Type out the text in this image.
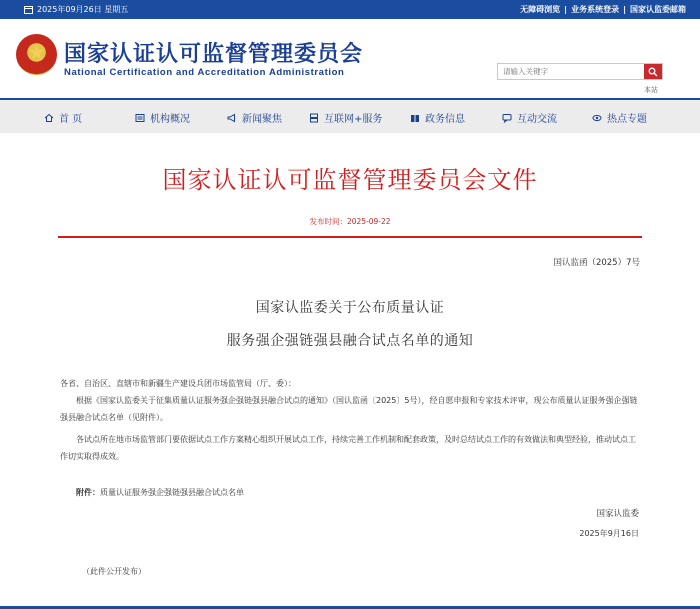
2025年09月26日 星期五	无障碍浏览 | 业务系统登录 | 国家认监委邮箱
国家认证认可监督管理委员会
National Certification and Accreditation Administration
请输入关键字
本站
首 页	机构概况	新闻聚焦	互联网+服务	政务信息	互动交流	热点专题
国家认证认可监督管理委员会文件
发布时间：2025-09-22
国认监函（2025）7号
国家认监委关于公布质量认证
服务强企强链强县融合试点名单的通知
各省、自治区、直辖市和新疆生产建设兵团市场监管局（厅、委）：
根据《国家认监委关于征集质量认证服务强企强链强县融合试点的通知》（国认监函〔2025〕5号），经自愿申报和专家技术评审，现公布质量认证服务强企强链强县融合试点名单（见附件）。
各试点所在地市场监管部门要依据试点工作方案精心组织开展试点工作，持续完善工作机制和配套政策，及时总结试点工作的有效做法和典型经验，推动试点工作切实取得成效。
附件：质量认证服务强企强链强县融合试点名单
国家认监委
2025年9月16日
（此件公开发布）
